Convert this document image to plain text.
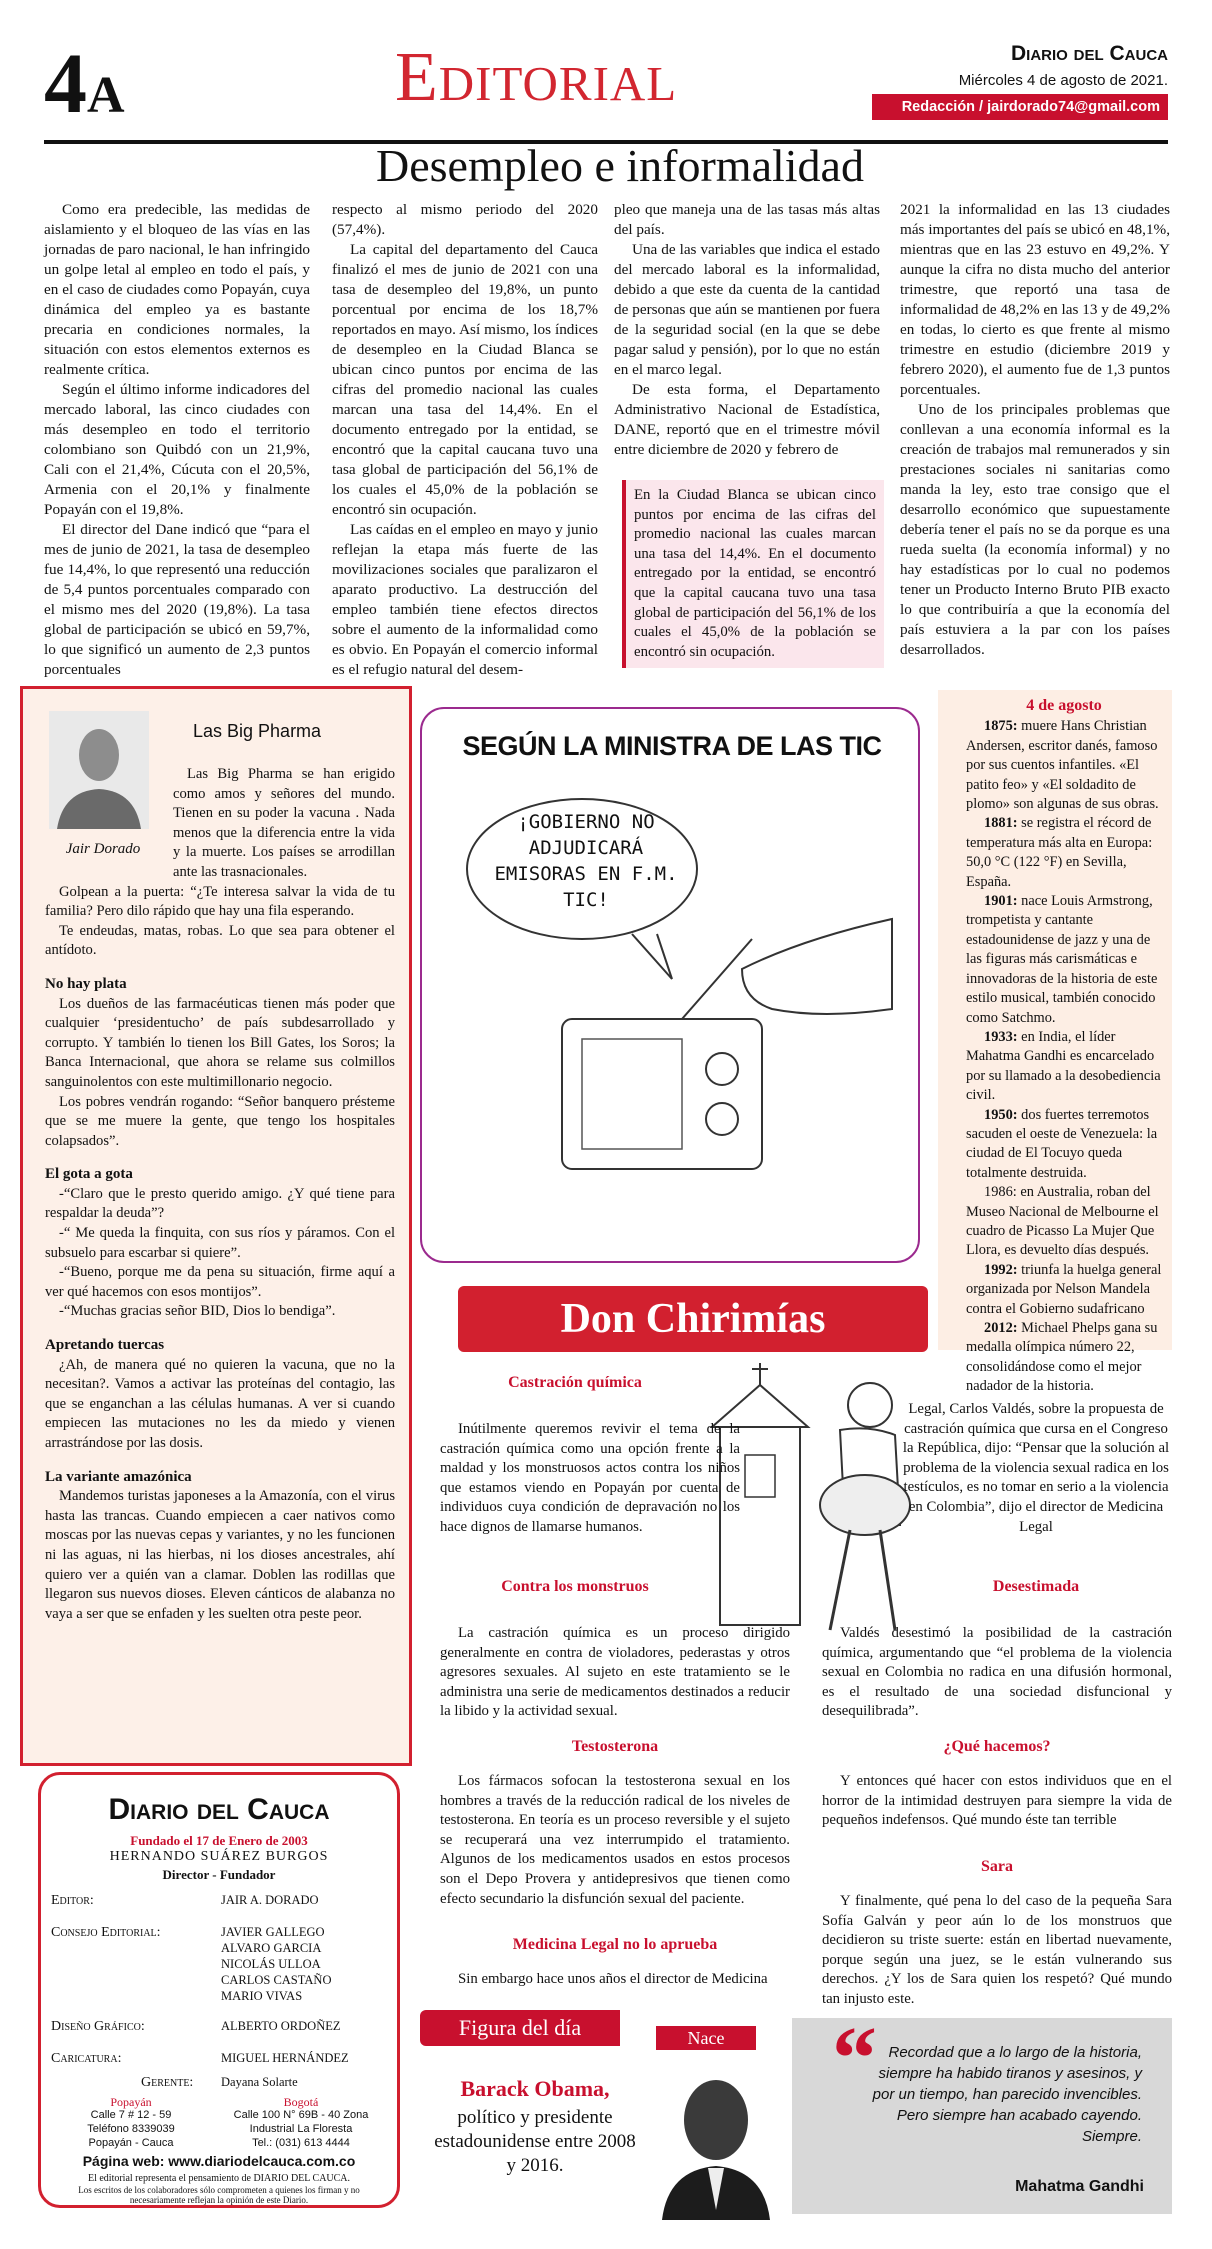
4A	Editorial	Diario del Cauca
Miércoles 4 de agosto de 2021.
Redacción / jairdorado74@gmail.com
Desempleo e informalidad

Como era predecible, las medidas de aislamiento y el bloqueo de las vías en las jornadas de paro nacional, le han infringido un golpe letal al empleo en todo el país, y en el caso de ciudades como Popayán, cuya dinámica del empleo ya es bastante precaria en condiciones normales, la situación con estos elementos externos es realmente crítica.

Según el último informe indicadores del mercado laboral, las cinco ciudades con más desempleo en todo el territorio colombiano son Quibdó con un 21,9%, Cali con el 21,4%, Cúcuta con el 20,5%, Armenia con el 20,1% y finalmente Popayán con el 19,8%.

El director del Dane indicó que “para el mes de junio de 2021, la tasa de desempleo fue 14,4%, lo que representó una reducción de 5,4 puntos porcentuales comparado con el mismo mes del 2020 (19,8%). La tasa global de participación se ubicó en 59,7%, lo que significó un aumento de 2,3 puntos porcentuales

respecto al mismo periodo del 2020 (57,4%).

La capital del departamento del Cauca finalizó el mes de junio de 2021 con una tasa de desempleo del 19,8%, un punto porcentual por encima de los 18,7% reportados en mayo. Así mismo, los índices de desempleo en la Ciudad Blanca se ubican cinco puntos por encima de las cifras del promedio nacional las cuales marcan una tasa del 14,4%. En el documento entregado por la entidad, se encontró que la capital caucana tuvo una tasa global de participación del 56,1% de los cuales el 45,0% de la población se encontró sin ocupación.

Las caídas en el empleo en mayo y junio reflejan la etapa más fuerte de las movilizaciones sociales que paralizaron el aparato productivo. La destrucción del empleo también tiene efectos directos sobre el aumento de la informalidad como es obvio. En Popayán el comercio informal es el refugio natural del desem-

pleo que maneja una de las tasas más altas del país.

Una de las variables que indica el estado del mercado laboral es la informalidad, debido a que este da cuenta de la cantidad de personas que aún se mantienen por fuera de la seguridad social (en la que se debe pagar salud y pensión), por lo que no están en el marco legal.

De esta forma, el Departamento Administrativo Nacional de Estadística, DANE, reportó que en el trimestre móvil entre diciembre de 2020 y febrero de

En la Ciudad Blanca se ubican cinco puntos por encima de las cifras del promedio nacional las cuales marcan una tasa del 14,4%. En el documento entregado por la entidad, se encontró que la capital caucana tuvo una tasa global de participación del 56,1% de los cuales el 45,0% de la población se encontró sin ocupación.

2021 la informalidad en las 13 ciudades más importantes del país se ubicó en 48,1%, mientras que en las 23 estuvo en 49,2%. Y aunque la cifra no dista mucho del anterior trimestre, que reportó una tasa de informalidad de 48,2% en las 13 y de 49,2% en todas, lo cierto es que frente al mismo trimestre en estudio (diciembre 2019 y febrero 2020), el aumento fue de 1,3 puntos porcentuales.

Uno de los principales problemas que conllevan a una economía informal es la creación de trabajos mal remunerados y sin prestaciones sociales ni sanitarias como manda la ley, esto trae consigo que el desarrollo económico que supuestamente debería tener el país no se da porque es una rueda suelta (la economía informal) y no hay estadísticas por lo cual no podemos tener un Producto Interno Bruto PIB exacto lo que contribuiría a que la economía del país estuviera a la par con los países desarrollados.

Las Big Pharma
Jair Dorado

Las Big Pharma se han erigido como amos y señores del mundo. Tienen en su poder la vacuna . Nada menos que la diferencia entre la vida y la muerte. Los países se arrodillan ante las trasnacionales.

Golpean a la puerta: “¿Te interesa salvar la vida de tu familia? Pero dilo rápido que hay una fila esperando.

Te endeudas, matas, robas. Lo que sea para obtener el antídoto.

No hay plata

Los dueños de las farmacéuticas tienen más poder que cualquier ‘presidentucho’ de país subdesarrollado y corrupto. Y también lo tienen los Bill Gates, los Soros; la Banca Internacional, que ahora se relame sus colmillos sanguinolentos con este multimillonario negocio.

Los pobres vendrán rogando: “Señor banquero présteme que se me muere la gente, que tengo los hospitales colapsados”.

El gota a gota

-“Claro que le presto querido amigo. ¿Y qué tiene para respaldar la deuda”?

-“ Me queda la finquita, con sus ríos y páramos. Con el subsuelo para escarbar si quiere”.

-“Bueno, porque me da pena su situación, firme aquí a ver qué hacemos con esos montijos”.

-“Muchas gracias señor BID, Dios lo bendiga”.

Apretando tuercas

¿Ah, de manera qué no quieren la vacuna, que no la necesitan?. Vamos a activar las proteínas del contagio, las que se enganchan a las células humanas. A ver si cuando empiecen las mutaciones no les da miedo y vienen arrastrándose por las dosis.

La variante amazónica

Mandemos turistas japoneses a la Amazonía, con el virus hasta las trancas. Cuando empiecen a caer nativos como moscas por las nuevas cepas y variantes, y no les funcionen ni las aguas, ni las hierbas, ni los dioses ancestrales, ahí quiero ver a quién van a clamar. Doblen las rodillas que llegaron sus nuevos dioses. Eleven cánticos de alabanza no vaya a ser que se enfaden y les suelten otra peste peor.

SEGÚN LA MINISTRA DE LAS TIC
¡GOBIERNO NO ADJUDICARÁ EMISORAS EN F.M. TIC!
4 de agosto
1875: muere Hans Christian Andersen, escritor danés, famoso por sus cuentos infantiles. «El patito feo» y «El soldadito de plomo» son algunas de sus obras.
1881: se registra el récord de temperatura más alta en Europa: 50,0 °C (122 °F) en Sevilla, España.
1901: nace Louis Armstrong, trompetista y cantante estadounidense de jazz y una de las figuras más carismáticas e innovadoras de la historia de este estilo musical, también conocido como Satchmo.
1933: en India, el líder Mahatma Gandhi es encarcelado por su llamado a la desobediencia civil.
1950: dos fuertes terremotos sacuden el oeste de Venezuela: la ciudad de El Tocuyo queda totalmente destruida.
1986: en Australia, roban del Museo Nacional de Melbourne el cuadro de Picasso La Mujer Que Llora, es devuelto días después.
1992: triunfa la huelga general organizada por Nelson Mandela contra el Gobierno sudafricano
2012: Michael Phelps gana su medalla olímpica número 22, consolidándose como el mejor nadador de la historia.
Don Chirimías
Castración química

Inútilmente queremos revivir el tema de la castración química como una opción frente a la maldad y los monstruosos actos contra los niños que estamos viendo en Popayán por cuenta de individuos cuya condición de depravación no los hace dignos de llamarse humanos.

Legal, Carlos Valdés, sobre la propuesta de castración química que cursa en el Congreso la República, dijo: “Pensar que la solución al problema de la violencia sexual radica en los testículos, es no tomar en serio a la violencia en Colombia”, dijo el director de Medicina Legal
Contra los monstruos

La castración química es un proceso dirigido generalmente en contra de violadores, pederastas y otros agresores sexuales. Al sujeto en este tratamiento se le administra una serie de medicamentos destinados a reducir la libido y la actividad sexual.

Desestimada

Valdés desestimó la posibilidad de la castración química, argumentando que “el problema de la violencia sexual en Colombia no radica en una difusión hormonal, es el resultado de una sociedad disfuncional y desequilibrada”.

Testosterona

Los fármacos sofocan la testosterona sexual en los hombres a través de la reducción radical de los niveles de testosterona. En teoría es un proceso reversible y el sujeto se recuperará una vez interrumpido el tratamiento. Algunos de los medicamentos usados en estos procesos son el Depo Provera y antidepresivos que tienen como efecto secundario la disfunción sexual del paciente.

¿Qué hacemos?

Y entonces qué hacer con estos individuos que en el horror de la intimidad destruyen para siempre la vida de pequeños indefensos. Qué mundo éste tan terrible

Medicina Legal no lo aprueba

Sin embargo hace unos años el director de Medicina

Sara

Y finalmente, qué pena lo del caso de la pequeña Sara Sofía Galván y peor aún lo de los monstruos que decidieron su triste suerte: están en libertad nuevamente, porque según una juez, se le están vulnerando sus derechos. ¿Y los de Sara quien los respetó? Qué mundo tan injusto este.

Diario del Cauca
Fundado el 17 de Enero de 2003
HERNANDO SUÁREZ BURGOS
Director - Fundador
Editor:	JAIR A. DORADO
Consejo Editorial:	JAVIER GALLEGO
ALVARO GARCIA
NICOLÁS ULLOA
CARLOS CASTAÑO
MARIO VIVAS
Diseño Gráfico:	ALBERTO ORDOÑEZ
Caricatura:	MIGUEL HERNÁNDEZ
Gerente: Dayana Solarte
Popayán
Calle 7 # 12 - 59
Teléfono 8339039
Popayán - Cauca
Bogotá
Calle 100 N° 69B - 40 Zona
Industrial La Floresta
Tel.: (031) 613 4444
Página web: www.diariodelcauca.com.co
El editorial representa el pensamiento de DIARIO DEL CAUCA.
Los escritos de los colaboradores sólo comprometen a quienes los firman y no necesariamente reflejan la opinión de este Diario.
Figura del día	Nace
Barack Obama,
político y presidente estadounidense entre 2008 y 2016.
“ Recordad que a lo largo de la historia, siempre ha habido tiranos y asesinos, y por un tiempo, han parecido invencibles. Pero siempre han acabado cayendo. Siempre.
Mahatma Gandhi
